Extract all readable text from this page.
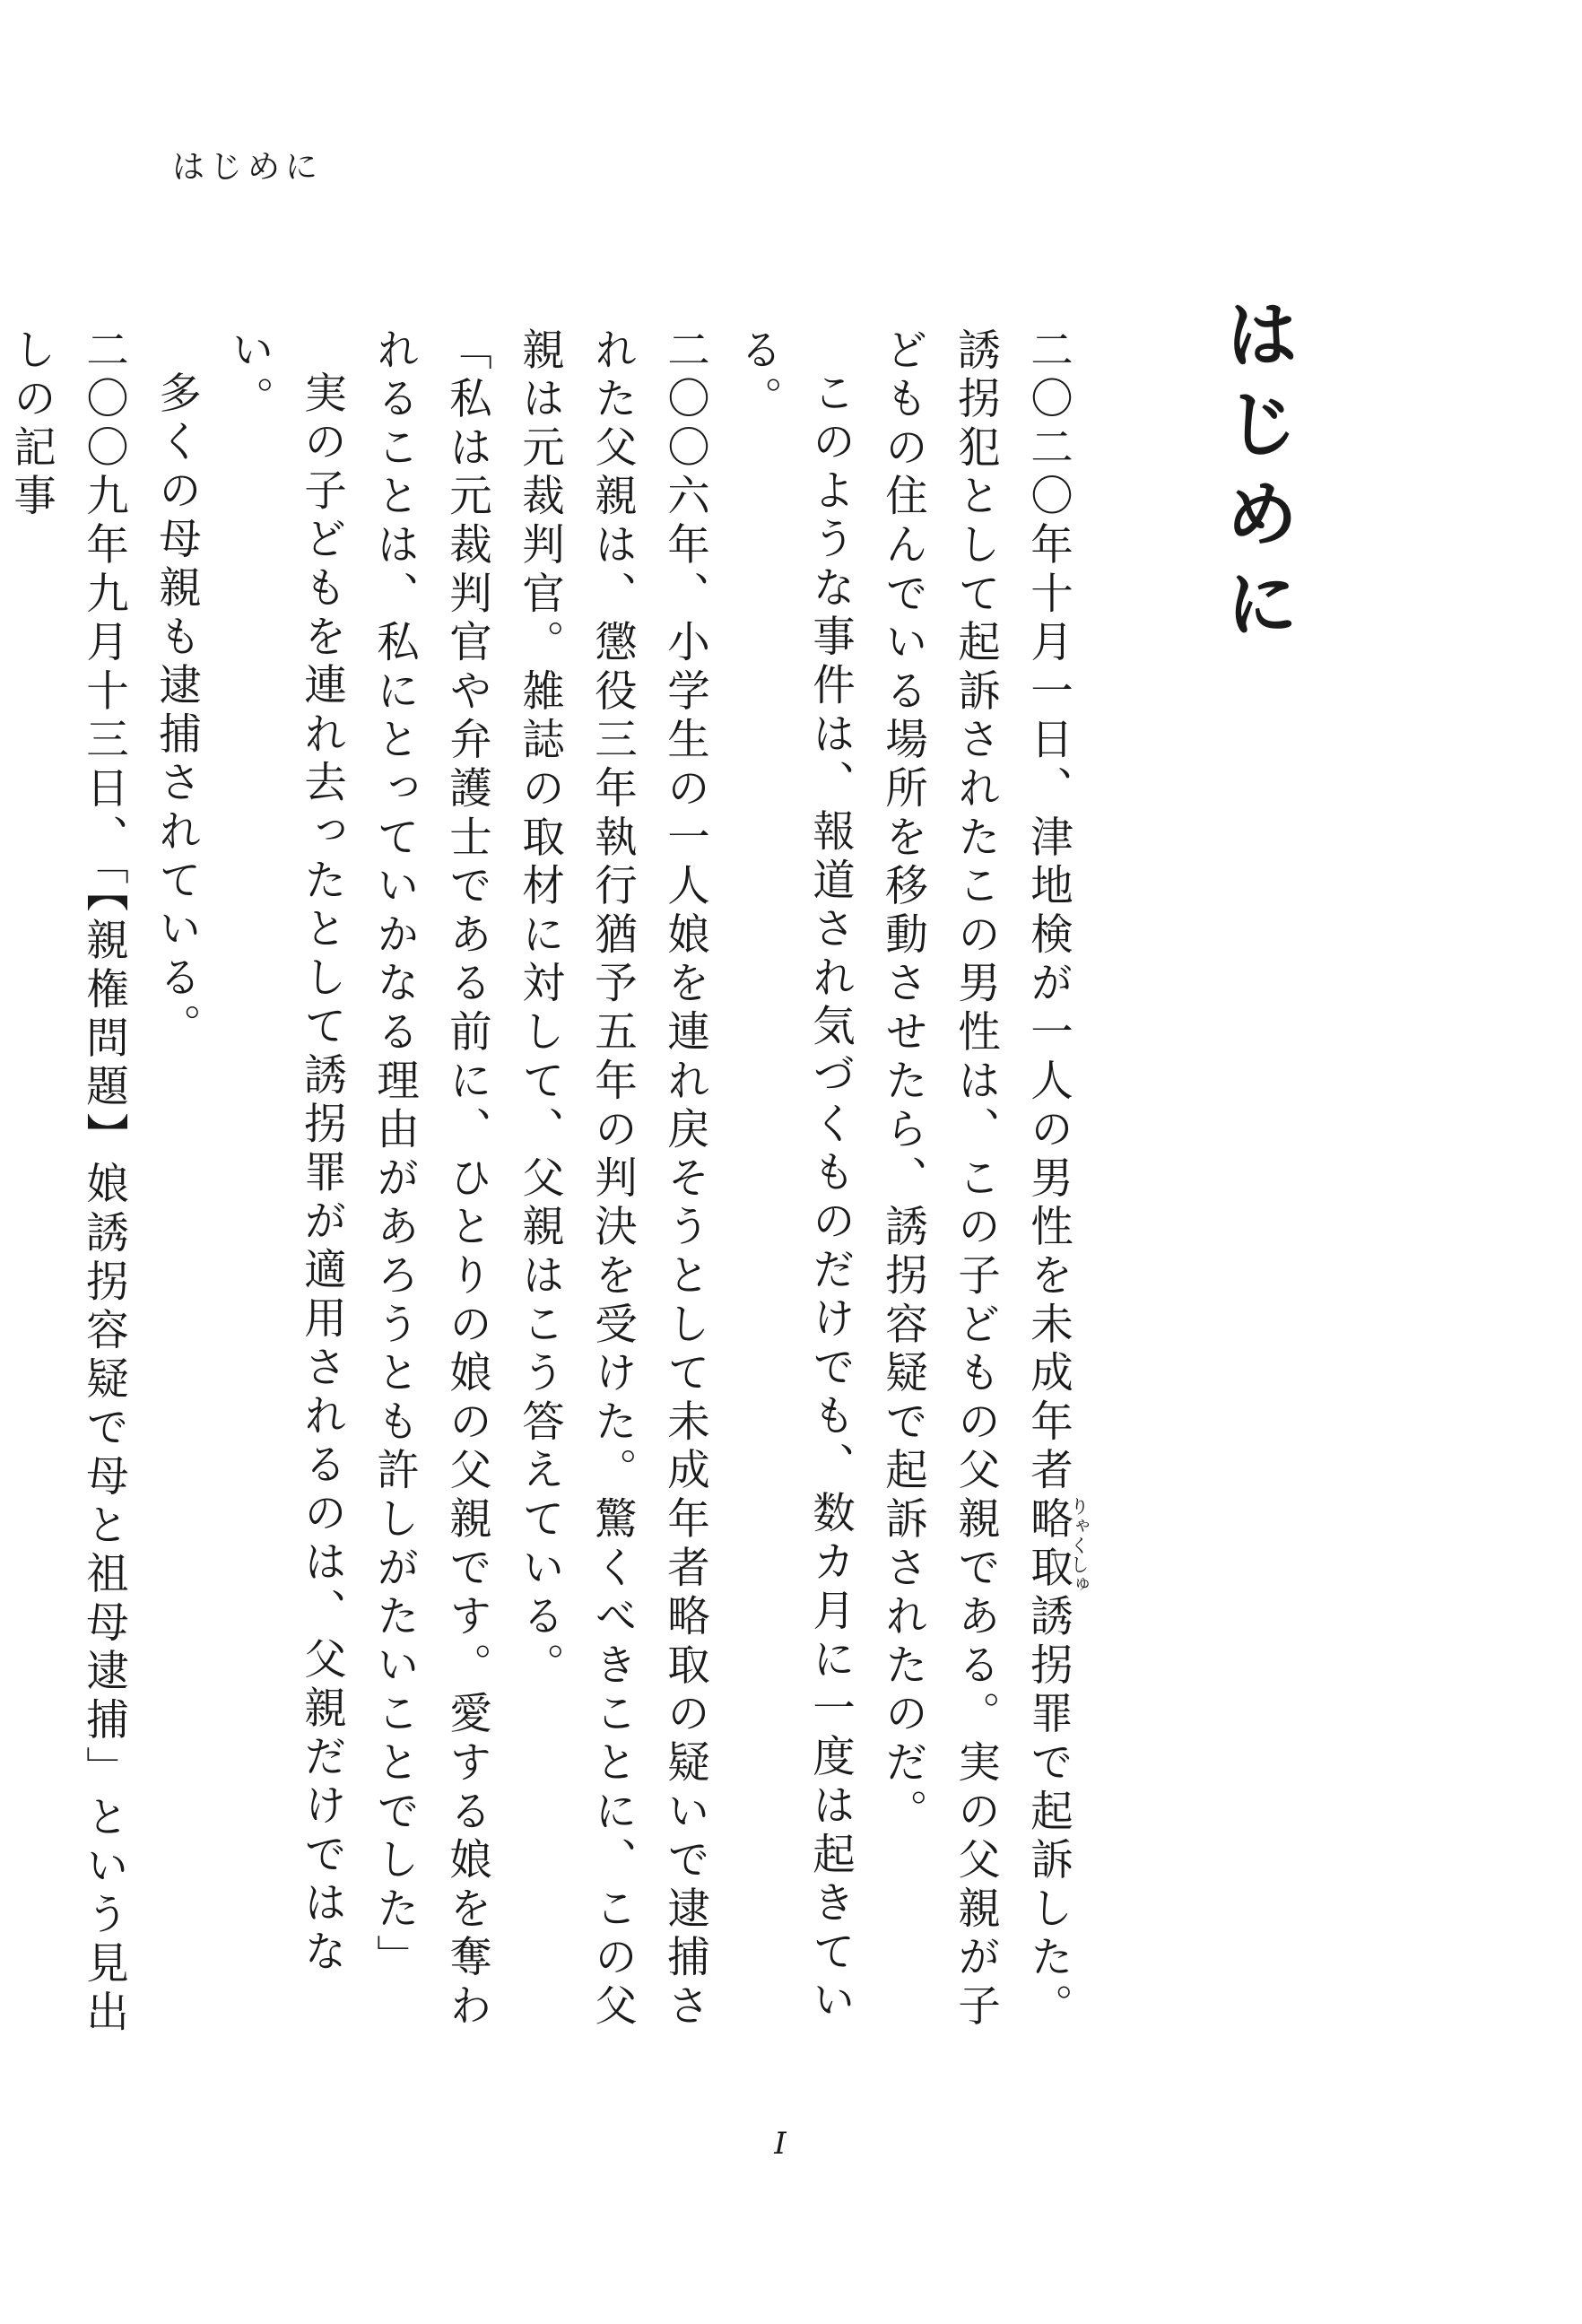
はじめに
はじめに

二〇二〇年十月一日、津地検が一人の男性を未成年者略取りゃくしゅ誘拐罪で起訴した。

誘拐犯として起訴されたこの男性は、この子どもの父親である。実の父親が子どもの住んでいる場所を移動させたら、誘拐容疑で起訴されたのだ。

このような事件は、報道され気づくものだけでも、数カ月に一度は起きている。

二〇〇六年、小学生の一人娘を連れ戻そうとして未成年者略取の疑いで逮捕された父親は、懲役三年執行猶予五年の判決を受けた。驚くべきことに、この父親は元裁判官。雑誌の取材に対して、父親はこう答えている。

「私は元裁判官や弁護士である前に、ひとりの娘の父親です。愛する娘を奪われることは、私にとっていかなる理由があろうとも許しがたいことでした」

実の子どもを連れ去ったとして誘拐罪が適用されるのは、父親だけではない。

多くの母親も逮捕されている。

二〇〇九年九月十三日、「【親権問題】娘誘拐容疑で母と祖母逮捕」という見出しの記事

I
